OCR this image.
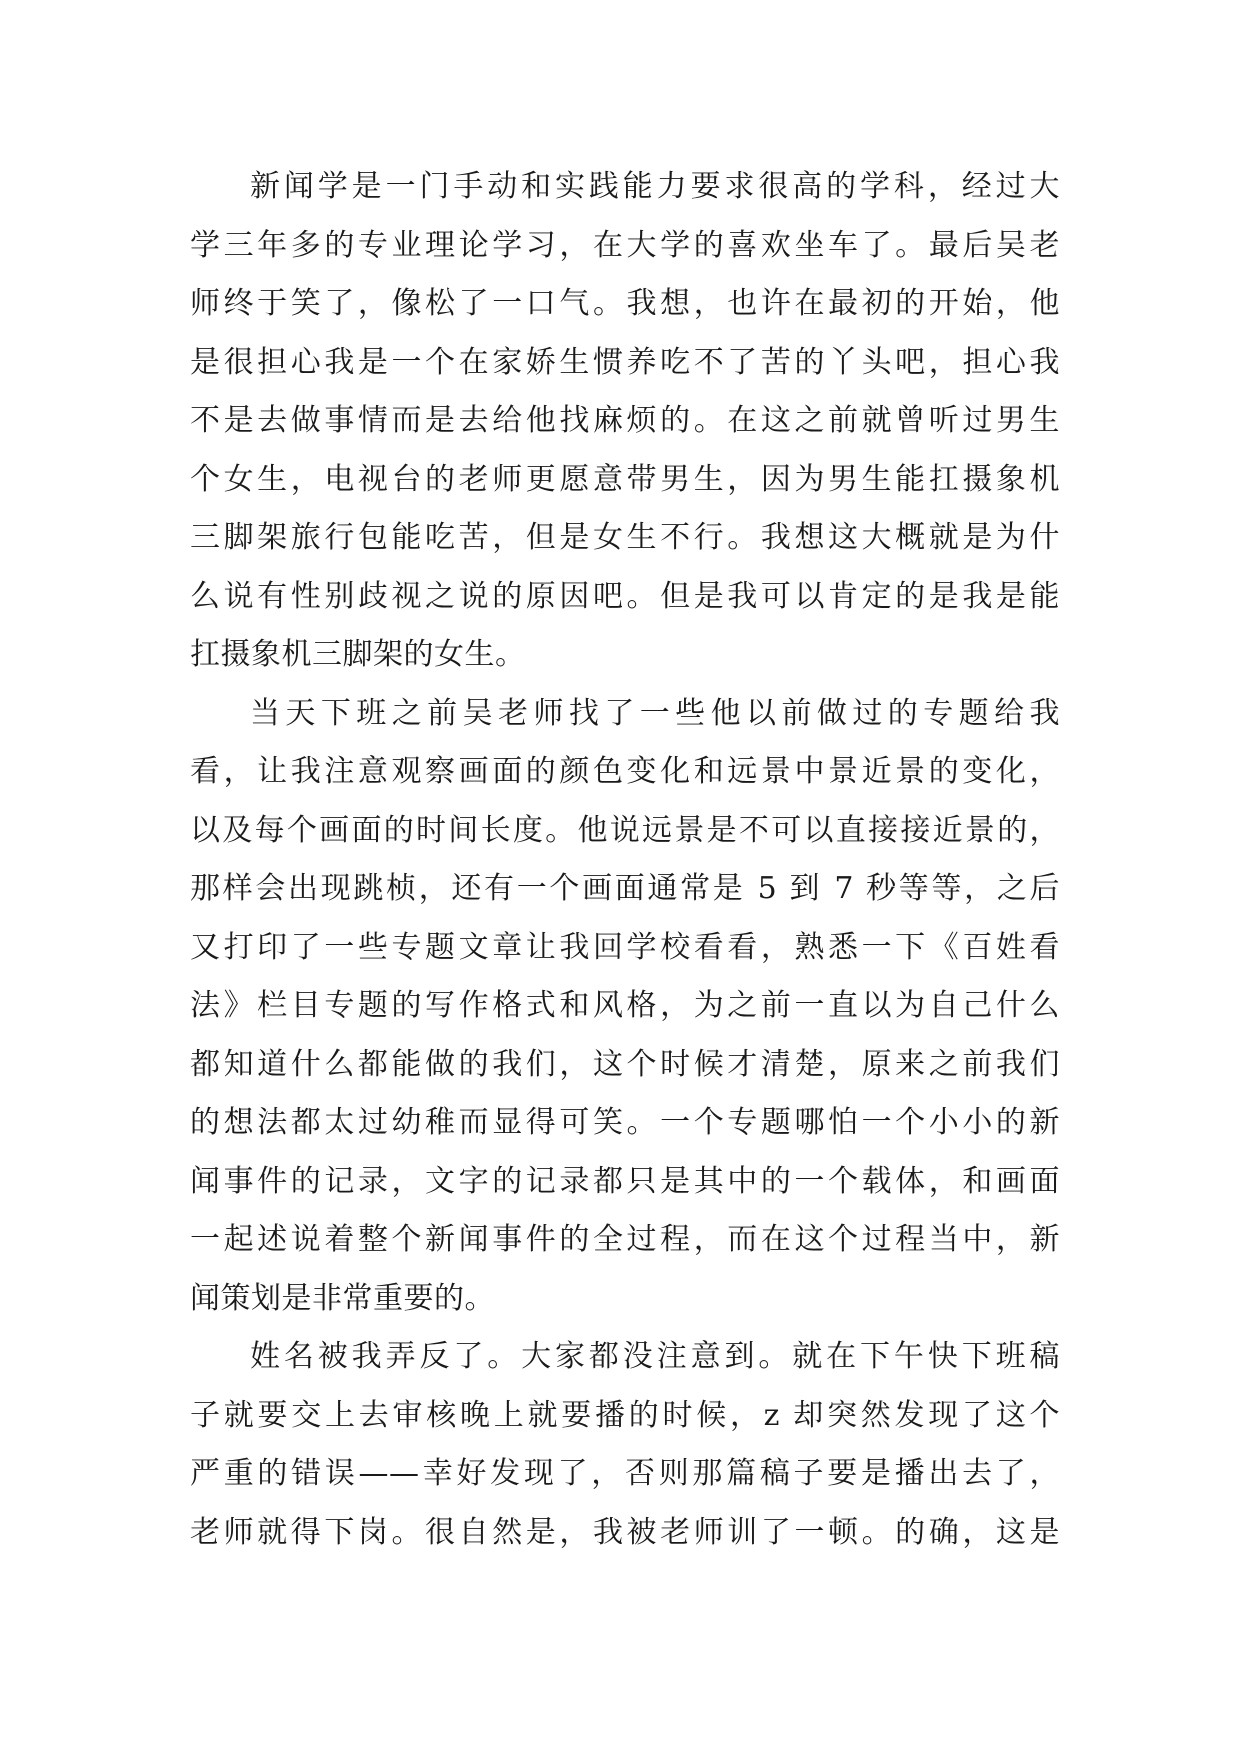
新闻学是一门手动和实践能力要求很高的学科，经过大
学三年多的专业理论学习，在大学的喜欢坐车了。最后吴老
师终于笑了，像松了一口气。我想，也许在最初的开始，他
是很担心我是一个在家娇生惯养吃不了苦的丫头吧，担心我
不是去做事情而是去给他找麻烦的。在这之前就曾听过男生
个女生，电视台的老师更愿意带男生，因为男生能扛摄象机
三脚架旅行包能吃苦，但是女生不行。我想这大概就是为什
么说有性别歧视之说的原因吧。但是我可以肯定的是我是能
扛摄象机三脚架的女生。
当天下班之前吴老师找了一些他以前做过的专题给我
看，让我注意观察画面的颜色变化和远景中景近景的变化，
以及每个画面的时间长度。他说远景是不可以直接接近景的，
那样会出现跳桢，还有一个画面通常是 5 到 7 秒等等，之后
又打印了一些专题文章让我回学校看看，熟悉一下《百姓看
法》栏目专题的写作格式和风格，为之前一直以为自己什么
都知道什么都能做的我们，这个时候才清楚，原来之前我们
的想法都太过幼稚而显得可笑。一个专题哪怕一个小小的新
闻事件的记录，文字的记录都只是其中的一个载体，和画面
一起述说着整个新闻事件的全过程，而在这个过程当中，新
闻策划是非常重要的。
姓名被我弄反了。大家都没注意到。就在下午快下班稿
子就要交上去审核晚上就要播的时候，z 却突然发现了这个
严重的错误——幸好发现了，否则那篇稿子要是播出去了，
老师就得下岗。很自然是，我被老师训了一顿。的确，这是
